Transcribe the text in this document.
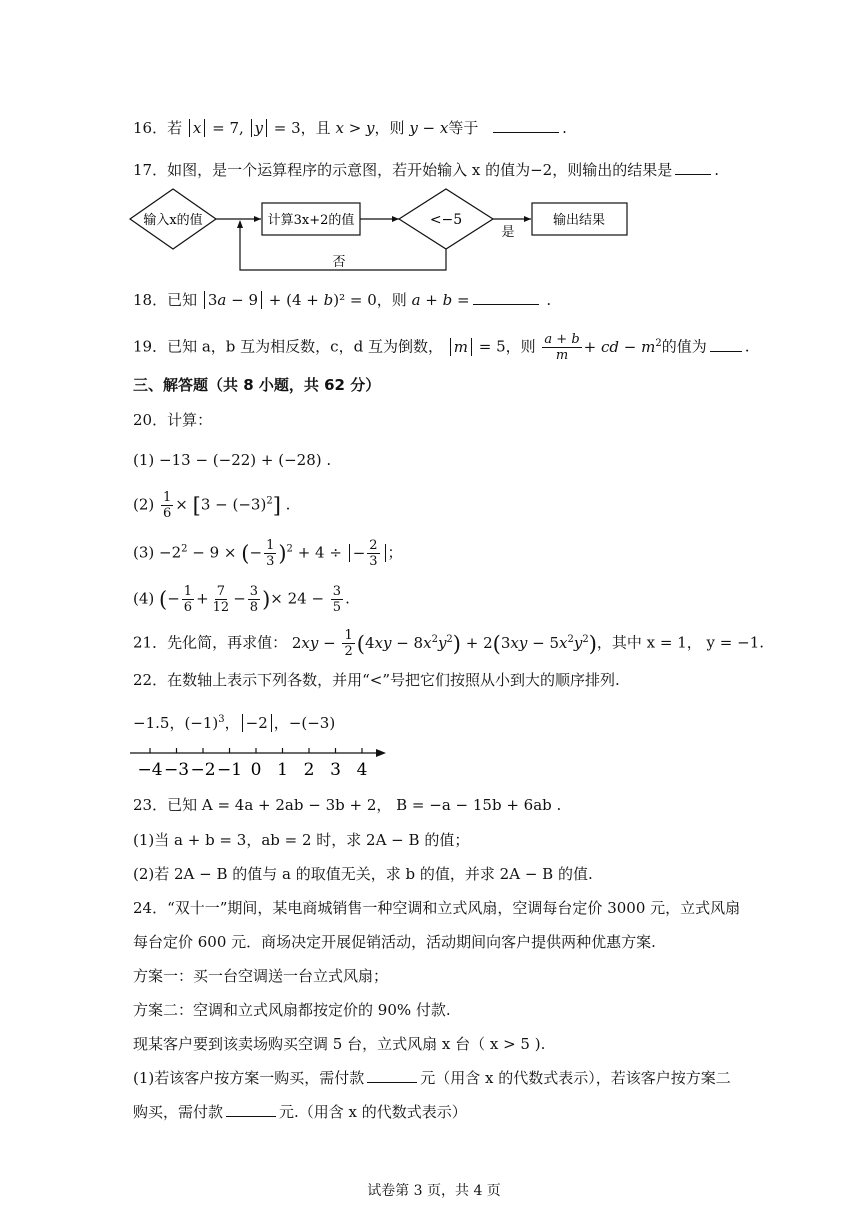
16．若 x = 7, y = 3，且 x > y，则 y − x等于	.
17．如图，是一个运算程序的示意图，若开始输入 x 的值为−2，则输出的结果是	.
输入x的值	计算3x+2的值	<−5
是
输出结果
否
18．已知 3a − 9 + (4 + b)² = 0，则 a + b =	.
19．已知 a，b 互为相反数，c，d 互为倒数， m = 5，则 $\frac{a + b}{m}$ + cd − $m^2$的值为	.
三、解答题（共 8 小题，共 62 分）
20．计算：
(1) −13 − (−22) + (−28) .
$(2) \frac{1}{6} \times [3 - (-3)^2]$ .
$(3) -2^2 - 9$ × (− $\frac{1}{3} )^2 + 4$ ÷ − $\frac{2}{3}$ ；
(4) (− $\frac{1}{6} + \frac{7}{12} - \frac{3}{8}$ )× $24 - \frac{3}{5}$ .
21．先化简，再求值： $2xy - \frac{1}{2} (4xy - 8x^2y^2) + 2(3xy - 5x^2y^2)$，其中 x = 1， y = −1.
22．在数轴上表示下列各数，并用“<”号把它们按照从小到大的顺序排列.
−1.5，$(-1)^3$， −2 ，−(−3)
−4 −3 −2 −1 0 1 2 3 4
23．已知 A = 4a + 2ab − 3b + 2， B = −a − 15b + 6ab .
(1)当 a + b = 3，ab = 2 时，求 2A − B 的值；
(2)若 2A − B 的值与 a 的取值无关，求 b 的值，并求 2A − B 的值.
24．“双十一”期间，某电商城销售一种空调和立式风扇，空调每台定价 3000 元，立式风扇
每台定价 600 元．商场决定开展促销活动，活动期间向客户提供两种优惠方案.
方案一：买一台空调送一台立式风扇；
方案二：空调和立式风扇都按定价的 90% 付款.
现某客户要到该卖场购买空调 5 台，立式风扇 x 台（ x > 5 ).
(1)若该客户按方案一购买，需付款	元（用含 x 的代数式表示），若该客户按方案二
购买，需付款	元.（用含 x 的代数式表示）
试卷第 3 页，共 4 页
